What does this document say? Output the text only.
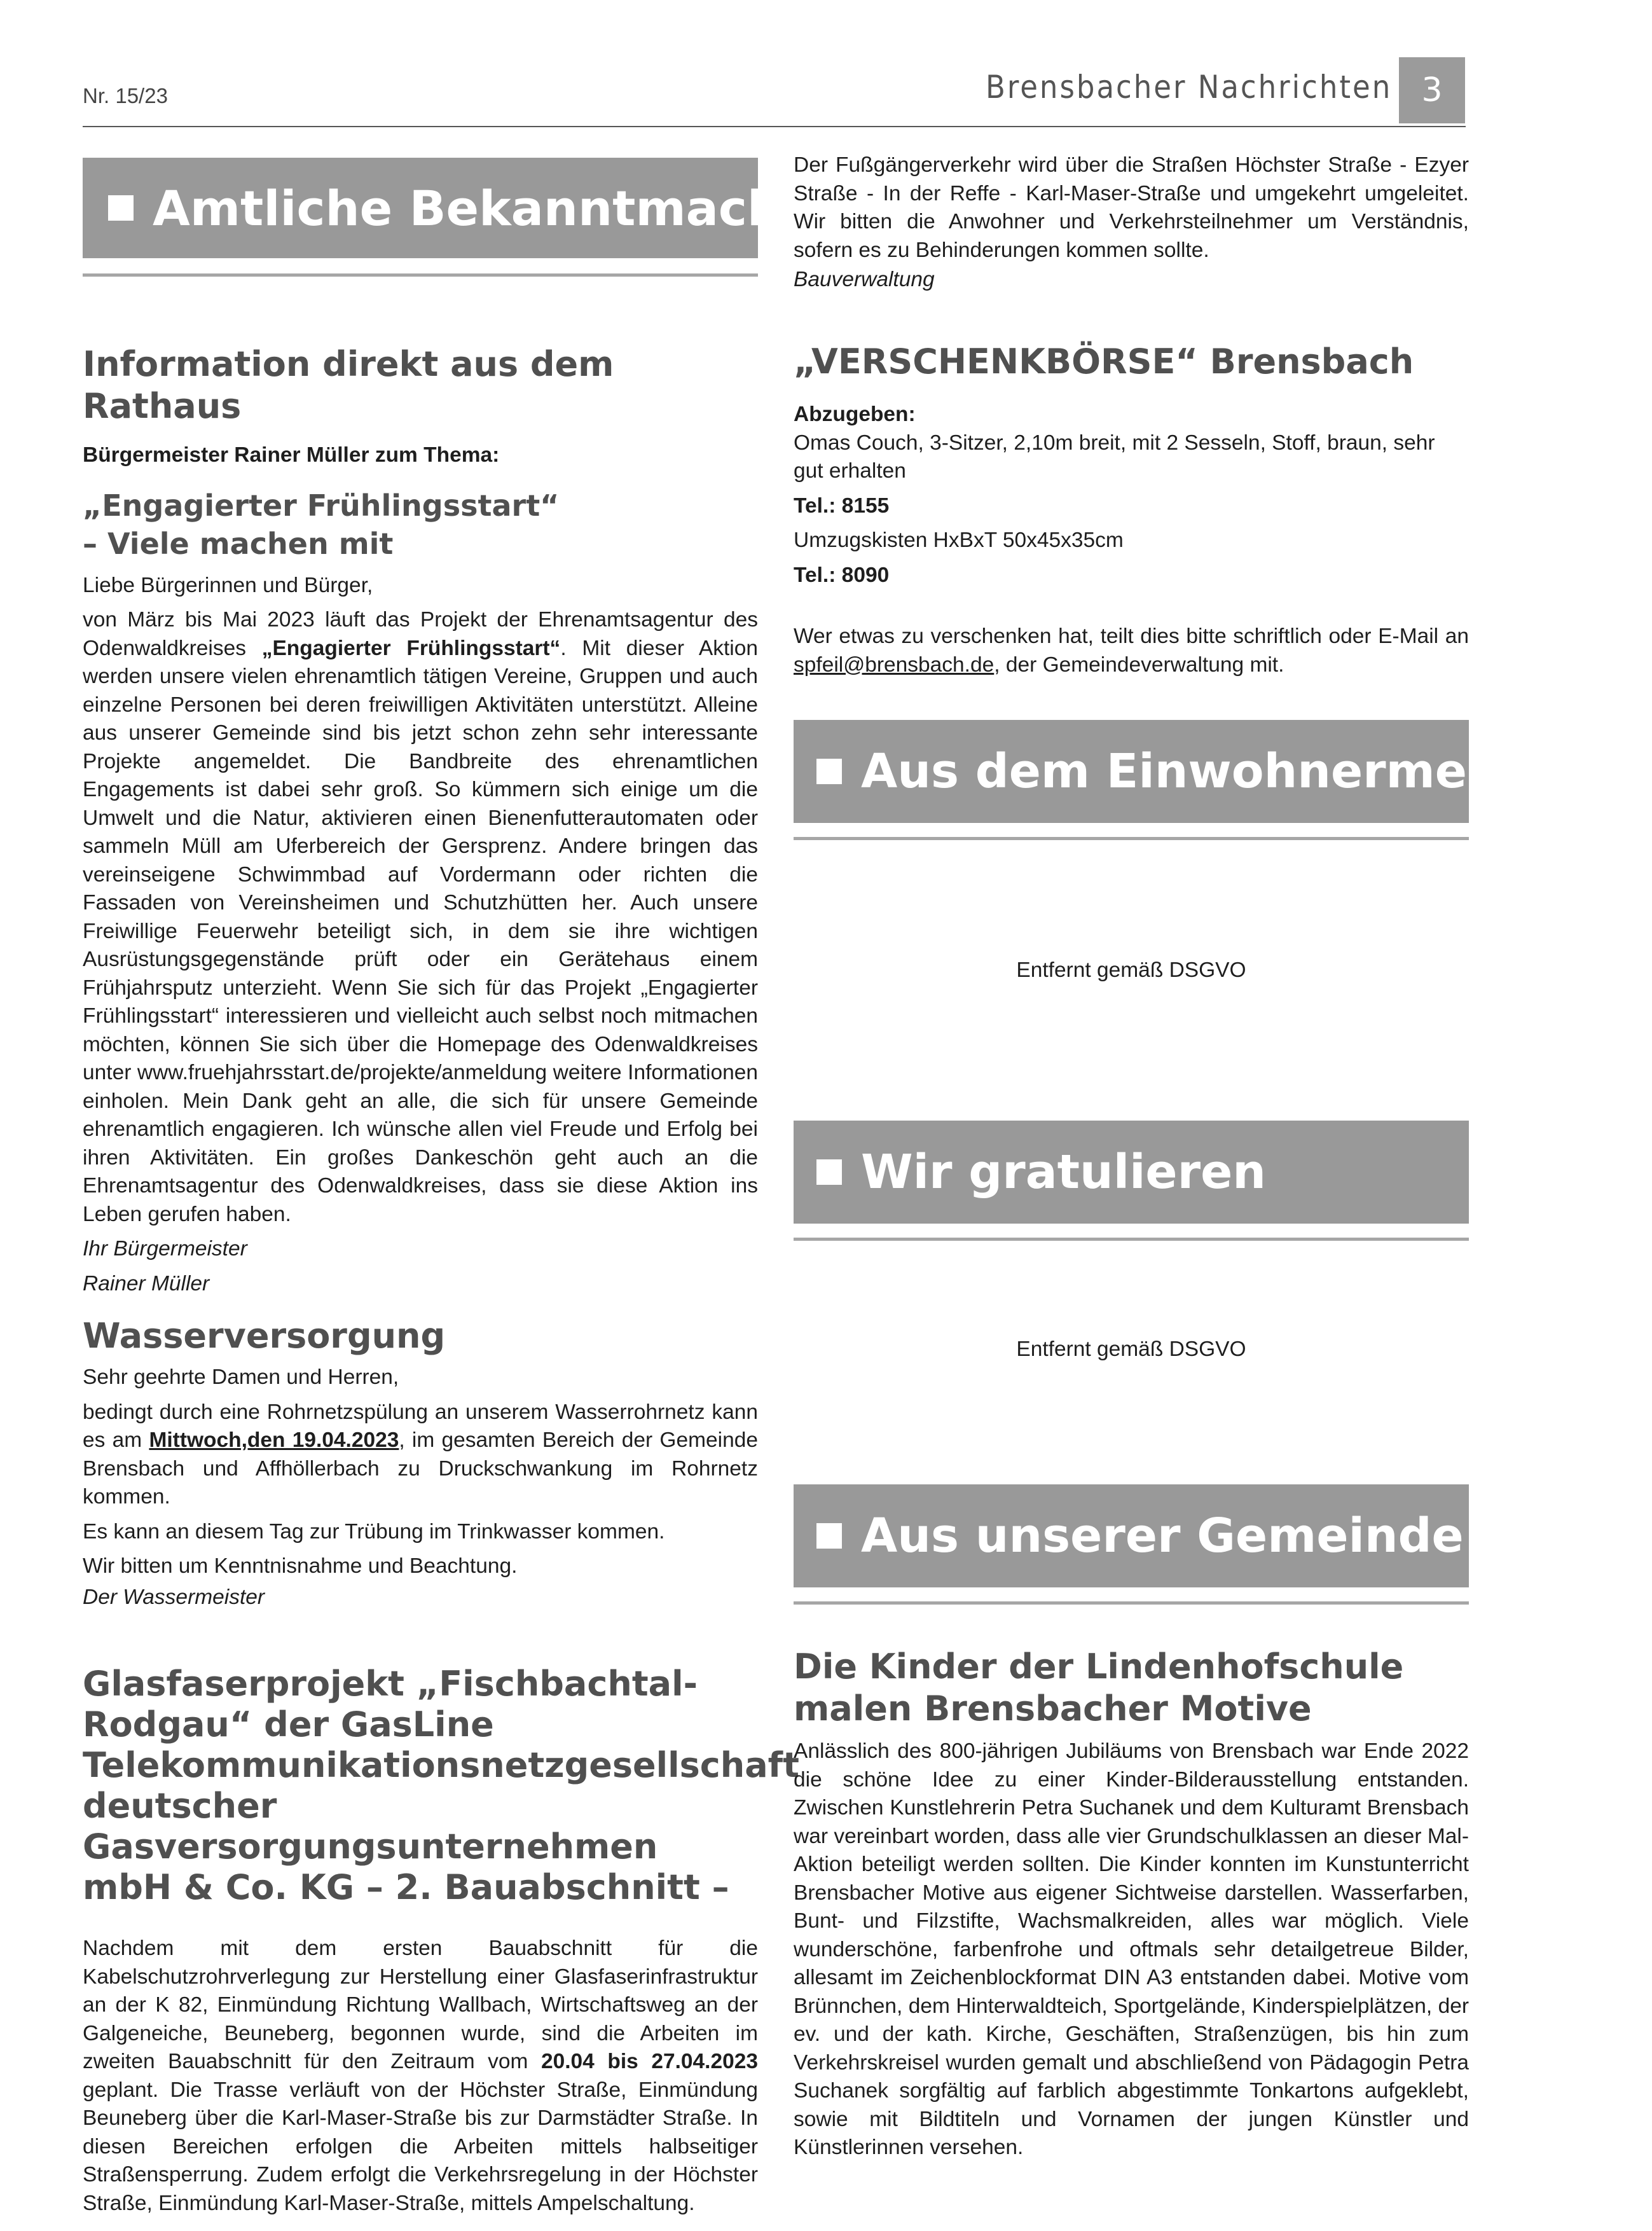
Nr. 15/23	Brensbacher Nachrichten 3
Amtliche Bekanntmachungen
Information direkt aus dem Rathaus

Bürgermeister Rainer Müller zum Thema:

„Engagierter Frühlingsstart“
– Viele machen mit

Liebe Bürgerinnen und Bürger,

von März bis Mai 2023 läuft das Projekt der Ehrenamtsagentur des Odenwaldkreises „Engagierter Frühlingsstart“. Mit dieser Aktion werden unsere vielen ehrenamtlich tätigen Vereine, Gruppen und auch einzelne Personen bei deren freiwilligen Aktivitäten unterstützt. Alleine aus unserer Gemeinde sind bis jetzt schon zehn sehr interessante Projekte angemeldet. Die Bandbreite des ehrenamtlichen Engagements ist dabei sehr groß. So kümmern sich einige um die Umwelt und die Natur, aktivieren einen Bienenfutterautomaten oder sammeln Müll am Uferbereich der Gersprenz. Andere bringen das vereinseigene Schwimmbad auf Vordermann oder richten die Fassaden von Vereinsheimen und Schutzhütten her. Auch unsere Freiwillige Feuerwehr beteiligt sich, in dem sie ihre wichtigen Ausrüstungsgegenstände prüft oder ein Gerätehaus einem Frühjahrsputz unterzieht. Wenn Sie sich für das Projekt „Engagierter Frühlingsstart“ interessieren und vielleicht auch selbst noch mitmachen möchten, können Sie sich über die Homepage des Odenwaldkreises unter www.fruehjahrsstart.de/projekte/anmeldung weitere Informationen einholen. Mein Dank geht an alle, die sich für unsere Gemeinde ehrenamtlich engagieren. Ich wünsche allen viel Freude und Erfolg bei ihren Aktivitäten. Ein großes Dankeschön geht auch an die Ehrenamtsagentur des Odenwaldkreises, dass sie diese Aktion ins Leben gerufen haben.

Ihr Bürgermeister

Rainer Müller

Wasserversorgung

Sehr geehrte Damen und Herren,

bedingt durch eine Rohrnetzspülung an unserem Wasserrohrnetz kann es am Mittwoch,den 19.04.2023, im gesamten Bereich der Gemeinde Brensbach und Affhöllerbach zu Druckschwankung im Rohrnetz kommen.

Es kann an diesem Tag zur Trübung im Trinkwasser kommen.

Wir bitten um Kenntnisnahme und Beachtung.

Der Wassermeister

Glasfaserprojekt „Fischbachtal-Rodgau“ der GasLine Telekommunikationsnetzgesellschaft deutscher Gasversorgungsunternehmen mbH & Co. KG – 2. Bauabschnitt –

Nachdem mit dem ersten Bauabschnitt für die Kabelschutzrohrverlegung zur Herstellung einer Glasfaserinfrastruktur an der K 82, Einmündung Richtung Wallbach, Wirtschaftsweg an der Galgeneiche, Beuneberg, begonnen wurde, sind die Arbeiten im zweiten Bauabschnitt für den Zeitraum vom 20.04 bis 27.04.2023 geplant. Die Trasse verläuft von der Höchster Straße, Einmündung Beuneberg über die Karl-Maser-Straße bis zur Darmstädter Straße. In diesen Bereichen erfolgen die Arbeiten mittels halbseitiger Straßensperrung. Zudem erfolgt die Verkehrsregelung in der Höchster Straße, Einmündung Karl-Maser-Straße, mittels Ampelschaltung.

Der Fußgängerverkehr wird über die Straßen Höchster Straße - Ezyer Straße - In der Reffe - Karl-Maser-Straße und umgekehrt umgeleitet. Wir bitten die Anwohner und Verkehrsteilnehmer um Verständnis, sofern es zu Behinderungen kommen sollte.

Bauverwaltung

„VERSCHENKBÖRSE“ Brensbach

Abzugeben:

Omas Couch, 3-Sitzer, 2,10m breit, mit 2 Sesseln, Stoff, braun, sehr gut erhalten

Tel.: 8155

Umzugskisten HxBxT 50x45x35cm

Tel.: 8090

Wer etwas zu verschenken hat, teilt dies bitte schriftlich oder E-Mail an spfeil@brensbach.de, der Gemeindeverwaltung mit.

Aus dem Einwohnermeldeamt

Entfernt gemäß DSGVO

Wir gratulieren

Entfernt gemäß DSGVO

Aus unserer Gemeinde
Die Kinder der Lindenhofschule malen Brensbacher Motive

Anlässlich des 800-jährigen Jubiläums von Brensbach war Ende 2022 die schöne Idee zu einer Kinder-Bilderausstellung entstanden. Zwischen Kunstlehrerin Petra Suchanek und dem Kulturamt Brensbach war vereinbart worden, dass alle vier Grundschulklassen an dieser Mal-Aktion beteiligt werden sollten. Die Kinder konnten im Kunstunterricht Brensbacher Motive aus eigener Sichtweise darstellen. Wasserfarben, Bunt- und Filzstifte, Wachsmalkreiden, alles war möglich. Viele wunderschöne, farbenfrohe und oftmals sehr detailgetreue Bilder, allesamt im Zeichenblockformat DIN A3 entstanden dabei. Motive vom Brünnchen, dem Hinterwaldteich, Sportgelände, Kinderspielplätzen, der ev. und der kath. Kirche, Geschäften, Straßenzügen, bis hin zum Verkehrskreisel wurden gemalt und abschließend von Pädagogin Petra Suchanek sorgfältig auf farblich abgestimmte Tonkartons aufgeklebt, sowie mit Bildtiteln und Vornamen der jungen Künstler und Künstlerinnen versehen.
